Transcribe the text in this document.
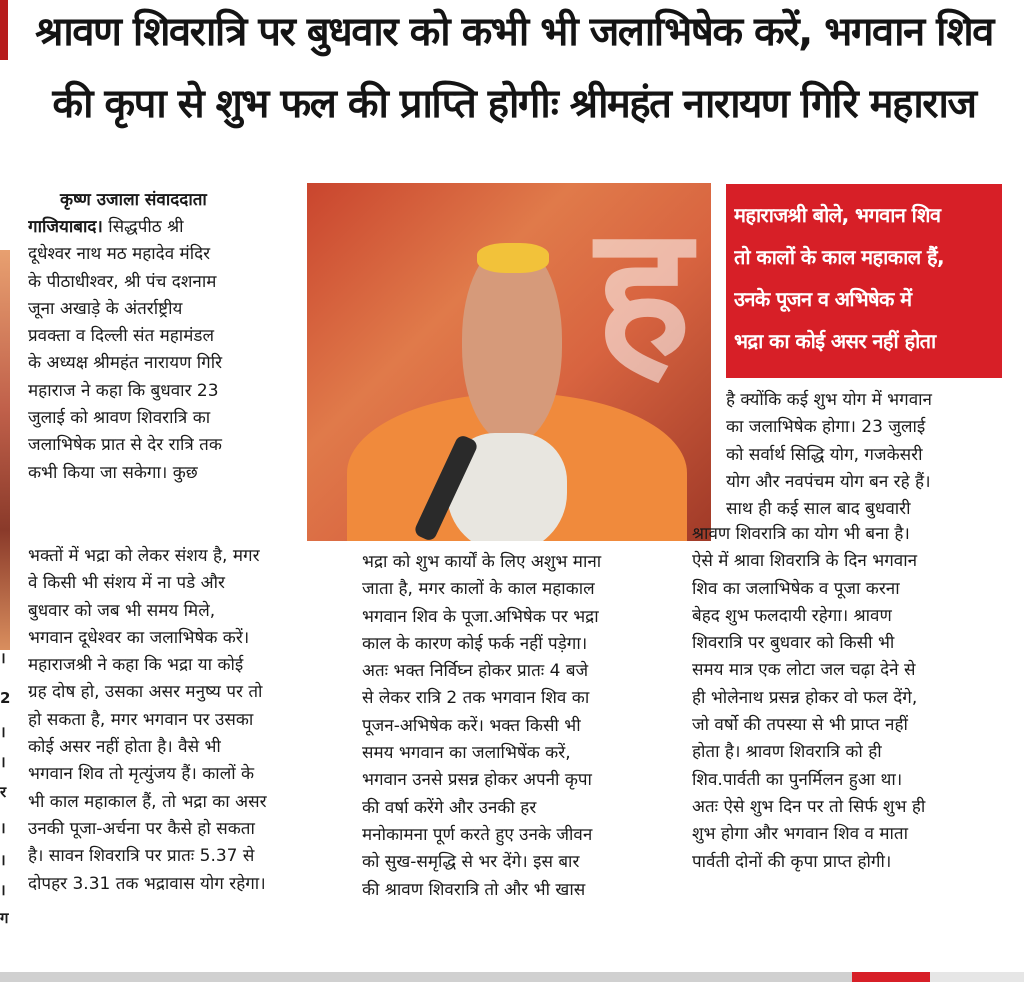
।
2
।
।
र
।
।
।
ग
श्रावण शिवरात्रि पर बुधवार को कभी भी जलाभिषेक करें, भगवान शिव
की कृपा से शुभ फल की प्राप्ति होगीः श्रीमहंत नारायण गिरि महाराज
कृष्ण उजाला संवाददाता
गाजियाबाद। सिद्धपीठ श्री
दूधेश्वर नाथ मठ महादेव मंदिर
के पीठाधीश्वर, श्री पंच दशनाम
जूना अखाड़े के अंतर्राष्ट्रीय
प्रवक्ता व दिल्ली संत महामंडल
के अध्यक्ष श्रीमहंत नारायण गिरि
महाराज ने कहा कि बुधवार 23
जुलाई को श्रावण शिवरात्रि का
जलाभिषेक प्रात से देर रात्रि तक
कभी किया जा सकेगा। कुछ
ह महाराजश्री बोले, भगवान शिव
तो कालों के काल महाकाल हैं,
उनके पूजन व अभिषेक में
भद्रा का कोई असर नहीं होता
है क्योंकि कई शुभ योग में भगवान
का जलाभिषेक होगा। 23 जुलाई
को सर्वार्थ सिद्धि योग, गजकेसरी
योग और नवपंचम योग बन रहे हैं।
साथ ही कई साल बाद बुधवारी
भक्तों में भद्रा को लेकर संशय है, मगर
वे किसी भी संशय में ना पडे और
बुधवार को जब भी समय मिले,
भगवान दूधेश्वर का जलाभिषेक करें।
महाराजश्री ने कहा कि भद्रा या कोई
ग्रह दोष हो, उसका असर मनुष्य पर तो
हो सकता है, मगर भगवान पर उसका
कोई असर नहीं होता है। वैसे भी
भगवान शिव तो मृत्युंजय हैं। कालों के
भी काल महाकाल हैं, तो भद्रा का असर
उनकी पूजा-अर्चना पर कैसे हो सकता
है। सावन शिवरात्रि पर प्रातः 5.37 से
दोपहर 3.31 तक भद्रावास योग रहेगा।
भद्रा को शुभ कार्यों के लिए अशुभ माना
जाता है, मगर कालों के काल महाकाल
भगवान शिव के पूजा.अभिषेक पर भद्रा
काल के कारण कोई फर्क नहीं पड़ेगा।
अतः भक्त निर्विघ्न होकर प्रातः 4 बजे
से लेकर रात्रि 2 तक भगवान शिव का
पूजन-अभिषेक करें। भक्त किसी भी
समय भगवान का जलाभिषेंक करें,
भगवान उनसे प्रसन्न होकर अपनी कृपा
की वर्षा करेंगे और उनकी हर
मनोकामना पूर्ण करते हुए उनके जीवन
को सुख-समृद्धि से भर देंगे। इस बार
की श्रावण शिवरात्रि तो और भी खास
श्रावण शिवरात्रि का योग भी बना है।
ऐसे में श्रावा शिवरात्रि के दिन भगवान
शिव का जलाभिषेक व पूजा करना
बेहद शुभ फलदायी रहेगा। श्रावण
शिवरात्रि पर बुधवार को किसी भी
समय मात्र एक लोटा जल चढ़ा देने से
ही भोलेनाथ प्रसन्न होकर वो फल देंगे,
जो वर्षो की तपस्या से भी प्राप्त नहीं
होता है। श्रावण शिवरात्रि को ही
शिव.पार्वती का पुनर्मिलन हुआ था।
अतः ऐसे शुभ दिन पर तो सिर्फ शुभ ही
शुभ होगा और भगवान शिव व माता
पार्वती दोनों की कृपा प्राप्त होगी।
